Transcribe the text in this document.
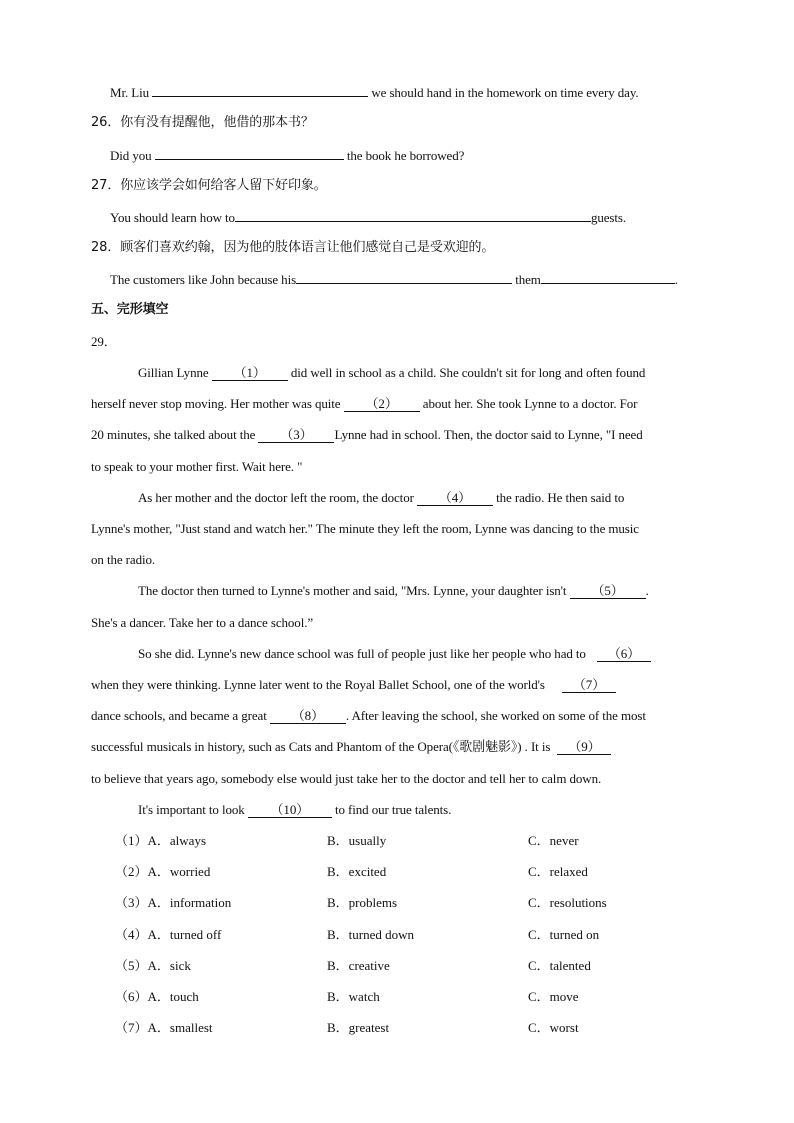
Mr. Liu	we should hand in the homework on time every day.
26．你有没有提醒他，他借的那本书？
Did you	the book he borrowed?
27．你应该学会如何给客人留下好印象。
You should learn how to	guests.
28．顾客们喜欢约翰，因为他的肢体语言让他们感觉自己是受欢迎的。
The customers like John because his	them	.
五、完形填空
29．
Gillian Lynne （1） did well in school as a child. She couldn't sit for long and often found
herself never stop moving. Her mother was quite （2） about her. She took Lynne to a doctor. For
20 minutes, she talked about the （3） Lynne had in school. Then, the doctor said to Lynne, "I need
to speak to your mother first. Wait here. "
As her mother and the doctor left the room, the doctor （4） the radio. He then said to
Lynne's mother, "Just stand and watch her." The minute they left the room, Lynne was dancing to the music
on the radio.
The doctor then turned to Lynne's mother and said, "Mrs. Lynne, your daughter isn't （5） .
She's a dancer. Take her to a dance school.”
So she did. Lynne's new dance school was full of people just like her people who had to （6）
when they were thinking. Lynne later went to the Royal Ballet School, one of the world's （7）
dance schools, and became a great （8） . After leaving the school, she worked on some of the most
successful musicals in history, such as Cats and Phantom of the Opera(《歌剧魅影》) . It is （9）
to believe that years ago, somebody else would just take her to the doctor and tell her to calm down.
It's important to look （10） to find our true talents.
（1）A．always	B．usually	C．never
（2）A．worried	B．excited	C．relaxed
（3）A．information	B．problems	C．resolutions
（4）A．turned off	B．turned down	C．turned on
（5）A．sick	B．creative	C．talented
（6）A．touch	B．watch	C．move
（7）A．smallest	B．greatest	C．worst
